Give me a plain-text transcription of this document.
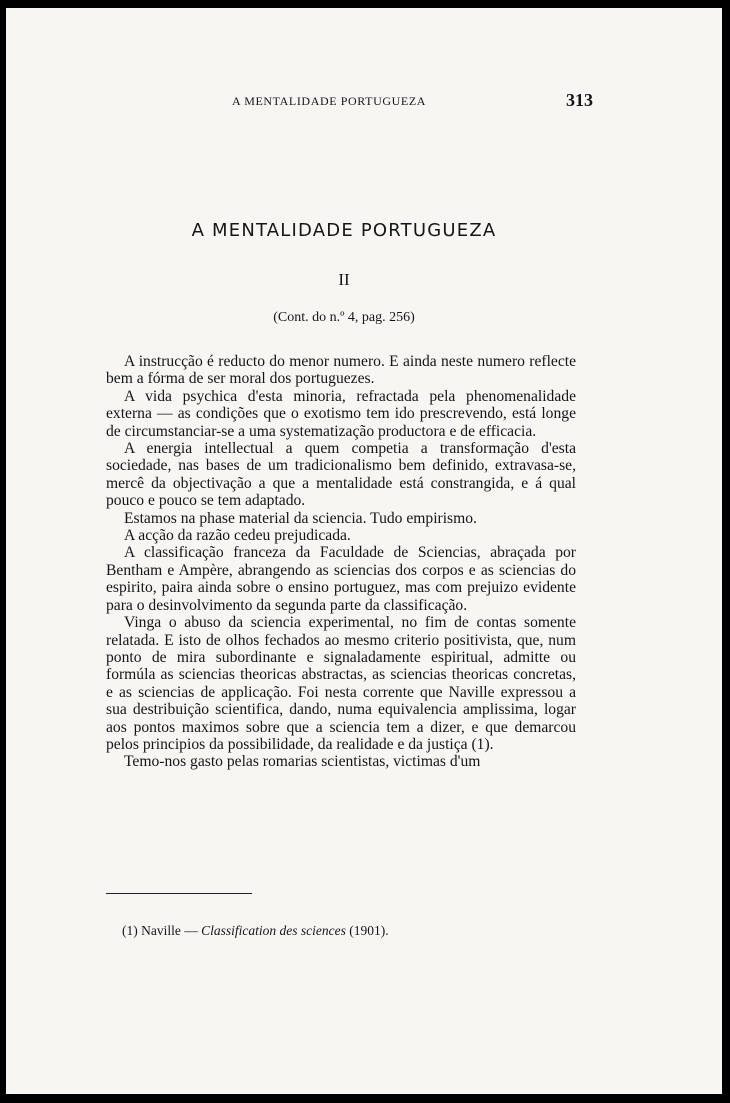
A MENTALIDADE PORTUGUEZA	313
A MENTALIDADE PORTUGUEZA
II
(Cont. do n.º 4, pag. 256)

A instrucção é reducto do menor numero. E ainda neste numero reflecte bem a fórma de ser moral dos portuguezes.

A vida psychica d'esta minoria, refractada pela phenomenalidade externa — as condições que o exotismo tem ido prescrevendo, está longe de circumstanciar-se a uma systematização productora e de efficacia.

A energia intellectual a quem competia a transformação d'esta sociedade, nas bases de um tradicionalismo bem definido, extravasa-se, mercê da objectivação a que a mentalidade está constrangida, e á qual pouco e pouco se tem adaptado.

Estamos na phase material da sciencia. Tudo empirismo.

A acção da razão cedeu prejudicada.

A classificação franceza da Faculdade de Sciencias, abraçada por Bentham e Ampère, abrangendo as sciencias dos corpos e as sciencias do espirito, paira ainda sobre o ensino portuguez, mas com prejuizo evidente para o desinvolvimento da segunda parte da classificação.

Vinga o abuso da sciencia experimental, no fim de contas somente relatada. E isto de olhos fechados ao mesmo criterio positivista, que, num ponto de mira subordinante e signaladamente espiritual, admitte ou formúla as sciencias theoricas abstractas, as sciencias theoricas concretas, e as sciencias de applicação. Foi nesta corrente que Naville expressou a sua destribuição scientifica, dando, numa equivalencia amplissima, logar aos pontos maximos sobre que a sciencia tem a dizer, e que demarcou pelos principios da possibilidade, da realidade e da justiça (1).

Temo-nos gasto pelas romarias scientistas, victimas d'um

(1) Naville — Classification des sciences (1901).
